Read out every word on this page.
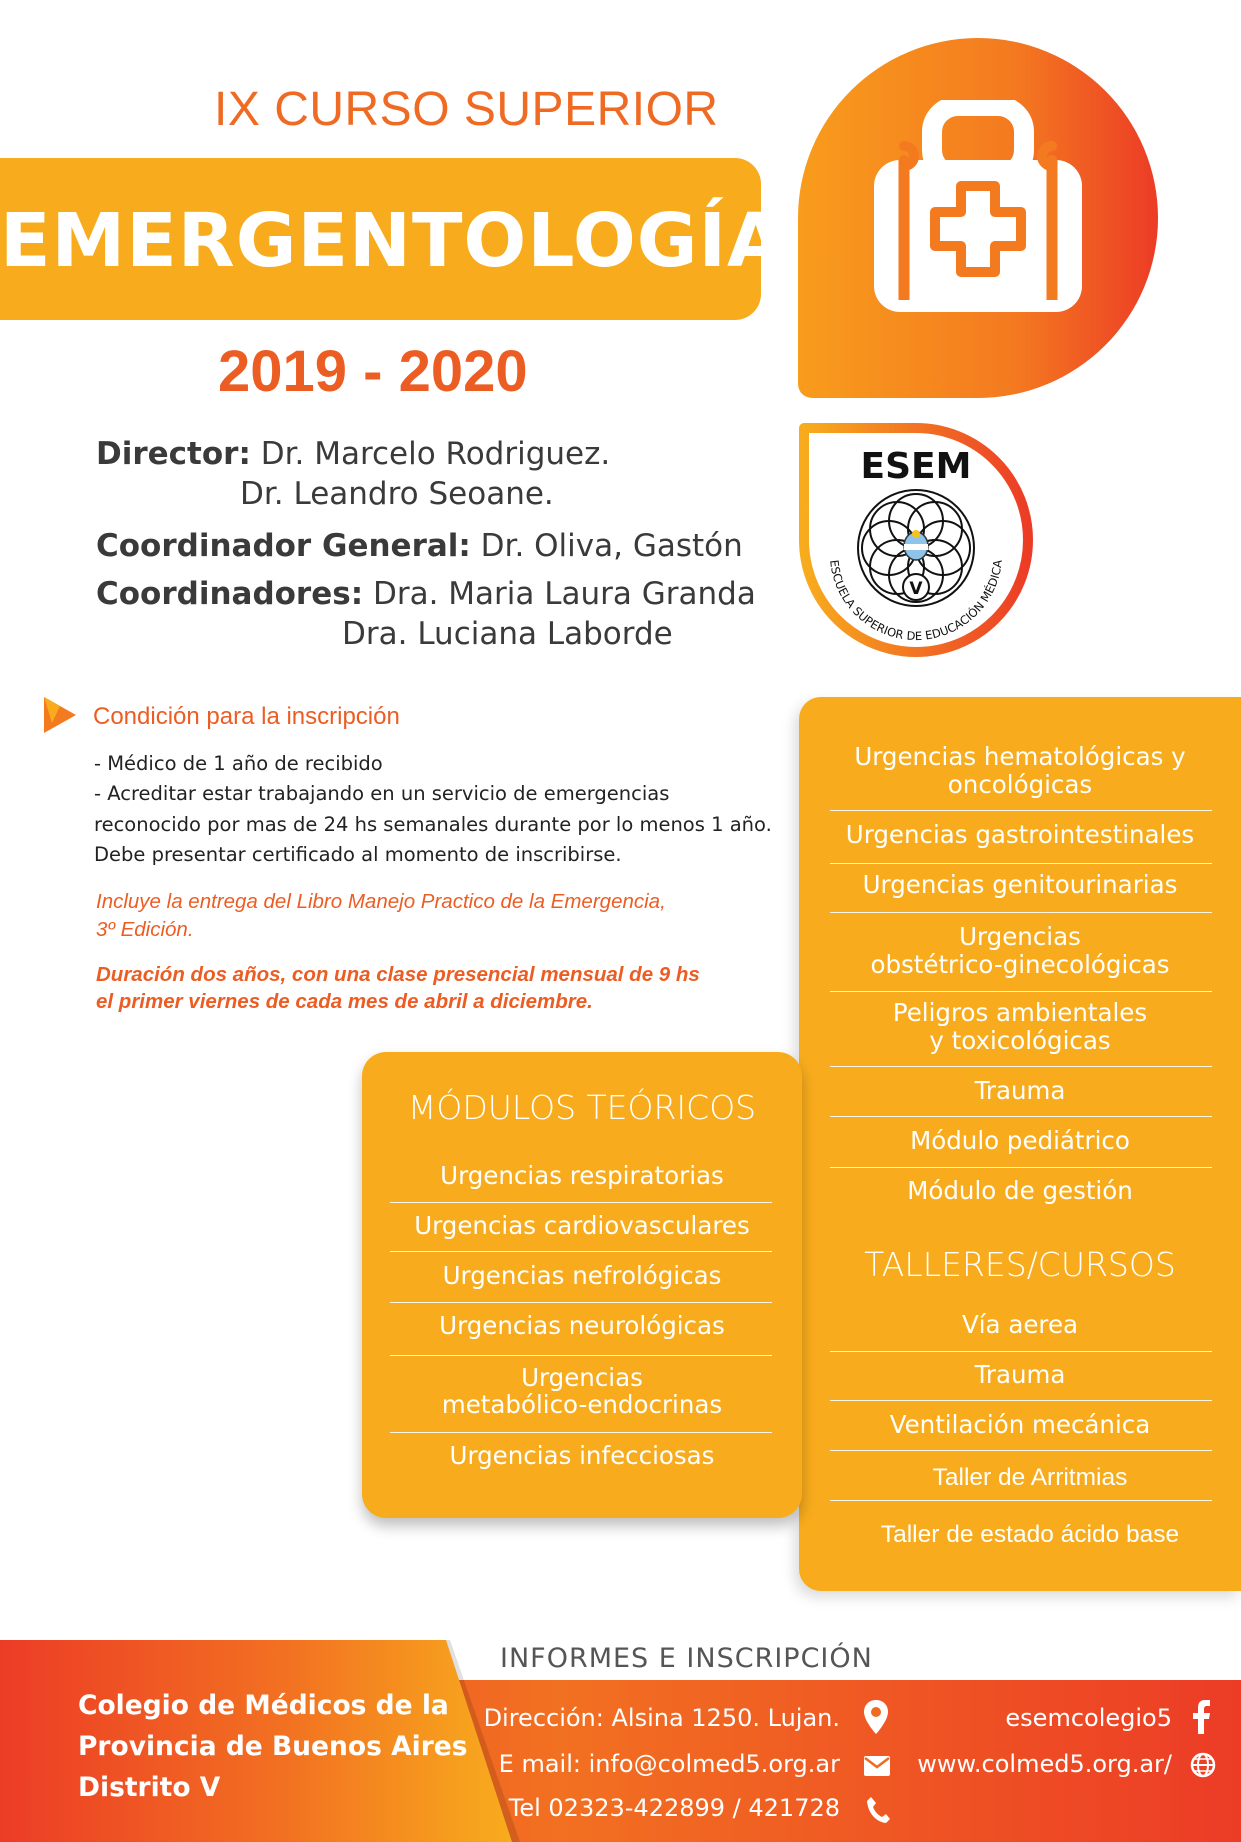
IX CURSO SUPERIOR
EMERGENTOLOGÍA
2019 - 2020
Director: Dr. Marcelo Rodriguez.
Dr. Leandro Seoane.
Coordinador General: Dr. Oliva, Gastón
Coordinadores: Dra. Maria Laura Granda
Dra. Luciana Laborde
ESEM
ESCUELA SUPERIOR DE EDUCACIÓN MÉDICA
V
Condición para la inscripción
- Médico de 1 año de recibido
- Acreditar estar trabajando en un servicio de emergencias
reconocido por mas de 24 hs semanales durante por lo menos 1 año.
Debe presentar certificado al momento de inscribirse.
Incluye la entrega del Libro Manejo Practico de la Emergencia,
3º Edición.
Duración dos años, con una clase presencial mensual de 9 hs
el primer viernes de cada mes de abril a diciembre.
Urgencias hematológicas y
oncológicas
Urgencias gastrointestinales
Urgencias genitourinarias
Urgencias
obstétrico-ginecológicas
Peligros ambientales
y toxicológicas
Trauma
Módulo pediátrico
Módulo de gestión
TALLERES/CURSOS
Vía aerea
Trauma
Ventilación mecánica
Taller de Arritmias
Taller de estado ácido base
MÓDULOS TEÓRICOS
Urgencias respiratorias
Urgencias cardiovasculares
Urgencias nefrológicas
Urgencias neurológicas
Urgencias
metabólico-endocrinas
Urgencias infecciosas
INFORMES E INSCRIPCIÓN
Colegio de Médicos de la
Provincia de Buenos Aires
Distrito V
Dirección: Alsina 1250. Lujan.
E mail: info@colmed5.org.ar
Tel 02323-422899 / 421728
esemcolegio5
www.colmed5.org.ar/
